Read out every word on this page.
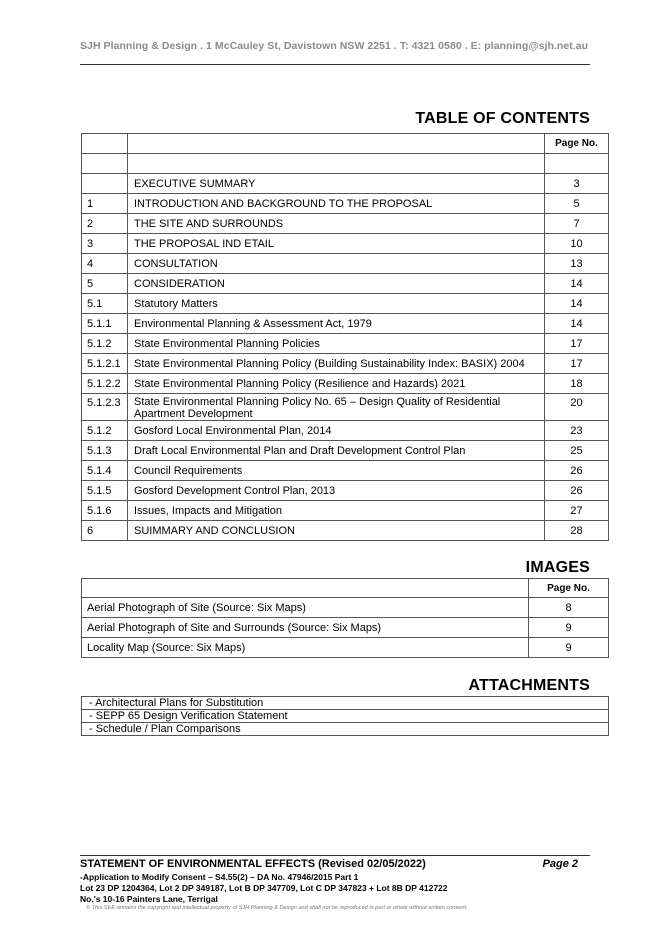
SJH Planning & Design . 1 McCauley St, Davistown NSW 2251 . T: 4321 0580 . E: planning@sjh.net.au
TABLE OF CONTENTS
		Page No.

	EXECUTIVE SUMMARY	3
1	INTRODUCTION AND BACKGROUND TO THE PROPOSAL	5
2	THE SITE AND SURROUNDS	7
3	THE PROPOSAL IND ETAIL	10
4	CONSULTATION	13
5	CONSIDERATION	14
5.1	Statutory Matters	14
5.1.1	Environmental Planning & Assessment Act, 1979	14
5.1.2	State Environmental Planning Policies	17
5.1.2.1	State Environmental Planning Policy (Building Sustainability Index: BASIX) 2004	17
5.1.2.2	State Environmental Planning Policy (Resilience and Hazards) 2021	18
5.1.2.3	State Environmental Planning Policy No. 65 – Design Quality of Residential Apartment Development	20
5.1.2	Gosford Local Environmental Plan, 2014	23
5.1.3	Draft Local Environmental Plan and Draft Development Control Plan	25
5.1.4	Council Requirements	26
5.1.5	Gosford Development Control Plan, 2013	26
5.1.6	Issues, Impacts and Mitigation	27
6	SUIMMARY AND CONCLUSION	28
IMAGES
	Page No.
Aerial Photograph of Site (Source: Six Maps)	8
Aerial Photograph of Site and Surrounds (Source: Six Maps)	9
Locality Map (Source: Six Maps)	9
ATTACHMENTS
- Architectural Plans for Substitution
- SEPP 65 Design Verification Statement
- Schedule / Plan Comparisons
STATEMENT OF ENVIRONMENTAL EFFECTS (Revised 02/05/2022)	Page 2
-Application to Modify Consent – S4.55(2) – DA No. 47946/2015 Part 1
Lot 23 DP 1204364, Lot 2 DP 349187, Lot B DP 347709, Lot C DP 347823 + Lot 8B DP 412722
No.'s 10-16 Painters Lane, Terrigal
© This SEE remains the copyright and intellectual property of SJH Planning & Design and shall not be reproduced in part or whole without written consent.
